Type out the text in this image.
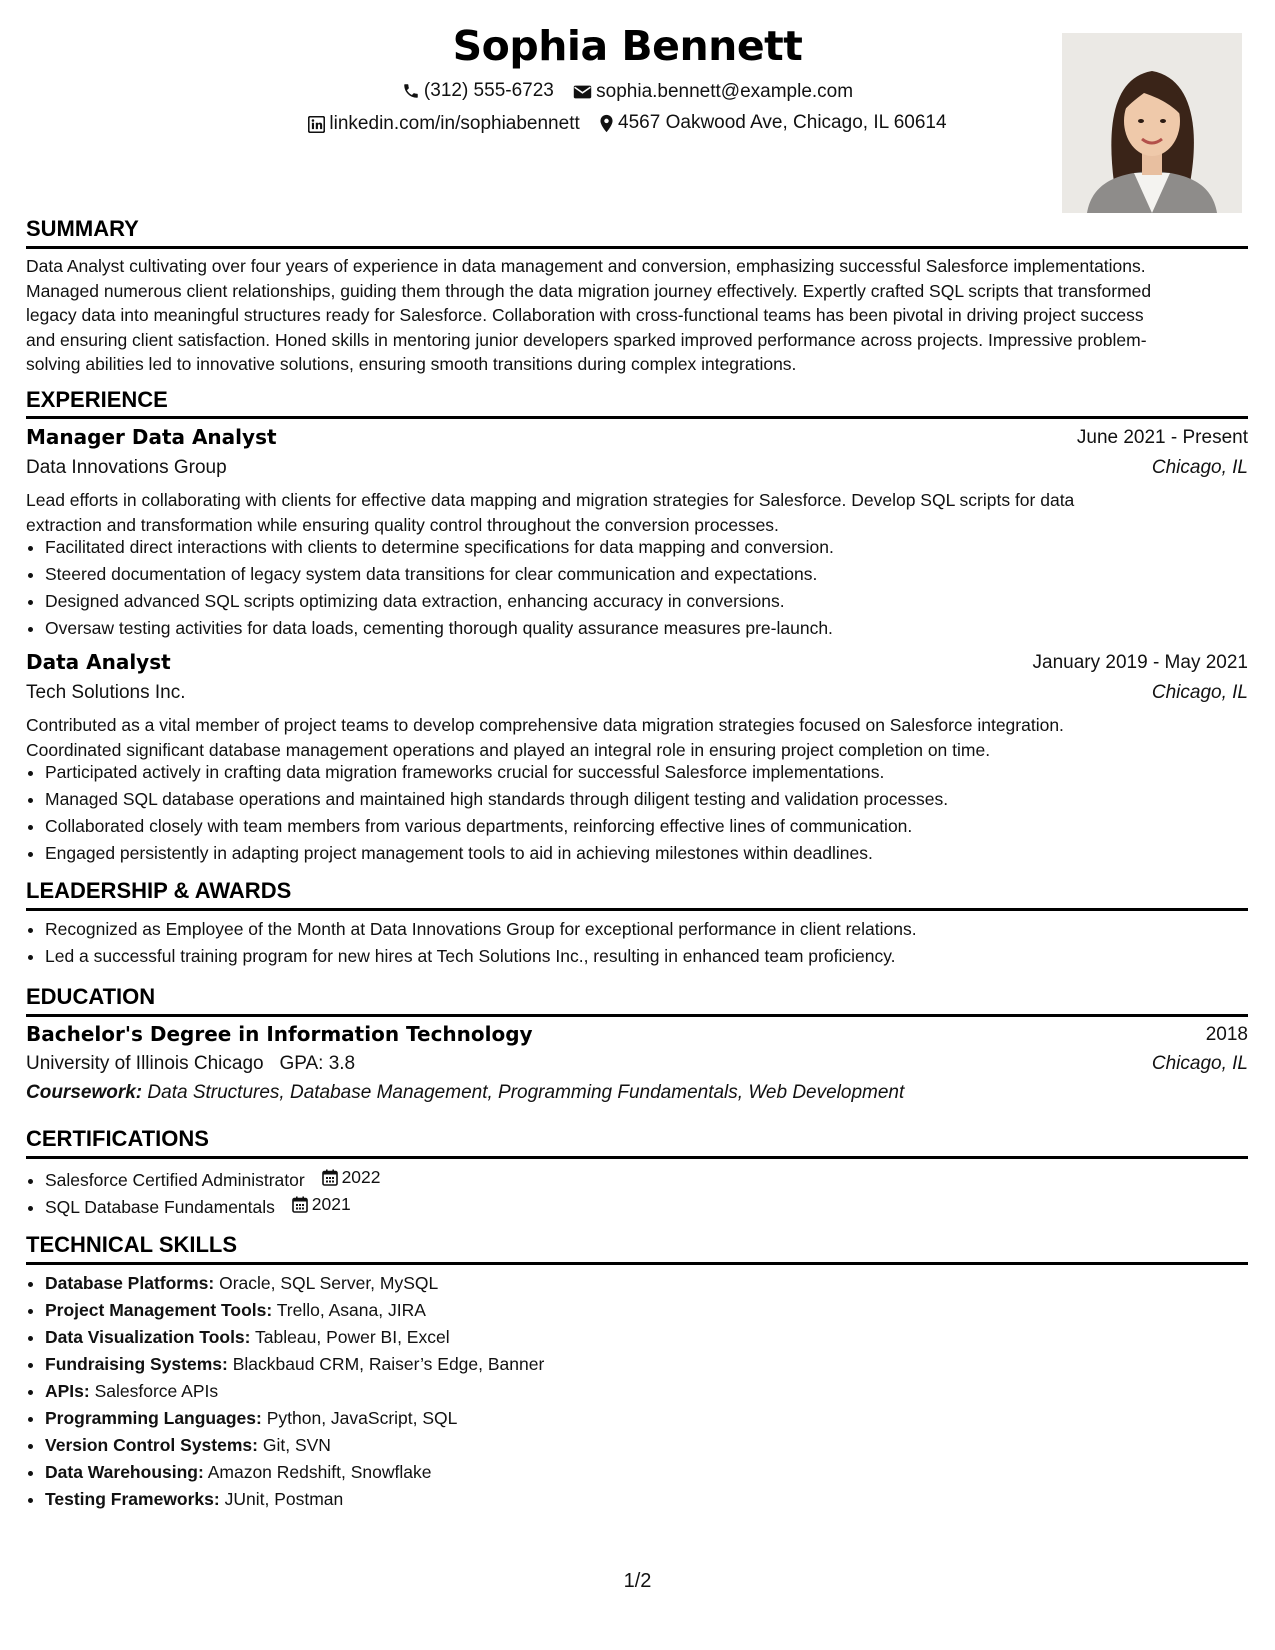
Sophia Bennett
(312) 555-6723
sophia.bennett@example.com
linkedin.com/in/sophiabennett
4567 Oakwood Ave, Chicago, IL 60614
SUMMARY
Data Analyst cultivating over four years of experience in data management and conversion, emphasizing successful Salesforce implementations.
Managed numerous client relationships, guiding them through the data migration journey effectively. Expertly crafted SQL scripts that transformed
legacy data into meaningful structures ready for Salesforce. Collaboration with cross-functional teams has been pivotal in driving project success
and ensuring client satisfaction. Honed skills in mentoring junior developers sparked improved performance across projects. Impressive problem-
solving abilities led to innovative solutions, ensuring smooth transitions during complex integrations.
EXPERIENCE
Manager Data Analyst	June 2021 - Present
Data Innovations Group	Chicago, IL
Lead efforts in collaborating with clients for effective data mapping and migration strategies for Salesforce. Develop SQL scripts for data
extraction and transformation while ensuring quality control throughout the conversion processes.
• Facilitated direct interactions with clients to determine specifications for data mapping and conversion.
• Steered documentation of legacy system data transitions for clear communication and expectations.
• Designed advanced SQL scripts optimizing data extraction, enhancing accuracy in conversions.
• Oversaw testing activities for data loads, cementing thorough quality assurance measures pre-launch.
Data Analyst	January 2019 - May 2021
Tech Solutions Inc.	Chicago, IL
Contributed as a vital member of project teams to develop comprehensive data migration strategies focused on Salesforce integration.
Coordinated significant database management operations and played an integral role in ensuring project completion on time.
• Participated actively in crafting data migration frameworks crucial for successful Salesforce implementations.
• Managed SQL database operations and maintained high standards through diligent testing and validation processes.
• Collaborated closely with team members from various departments, reinforcing effective lines of communication.
• Engaged persistently in adapting project management tools to aid in achieving milestones within deadlines.
LEADERSHIP & AWARDS
• Recognized as Employee of the Month at Data Innovations Group for exceptional performance in client relations.
• Led a successful training program for new hires at Tech Solutions Inc., resulting in enhanced team proficiency.
EDUCATION
Bachelor's Degree in Information Technology	2018
University of Illinois Chicago GPA: 3.8	Chicago, IL
Coursework: Data Structures, Database Management, Programming Fundamentals, Web Development
CERTIFICATIONS
• Salesforce Certified Administrator 2022
• SQL Database Fundamentals 2021
TECHNICAL SKILLS
• Database Platforms: Oracle, SQL Server, MySQL
• Project Management Tools: Trello, Asana, JIRA
• Data Visualization Tools: Tableau, Power BI, Excel
• Fundraising Systems: Blackbaud CRM, Raiser’s Edge, Banner
• APIs: Salesforce APIs
• Programming Languages: Python, JavaScript, SQL
• Version Control Systems: Git, SVN
• Data Warehousing: Amazon Redshift, Snowflake
• Testing Frameworks: JUnit, Postman
1/2
